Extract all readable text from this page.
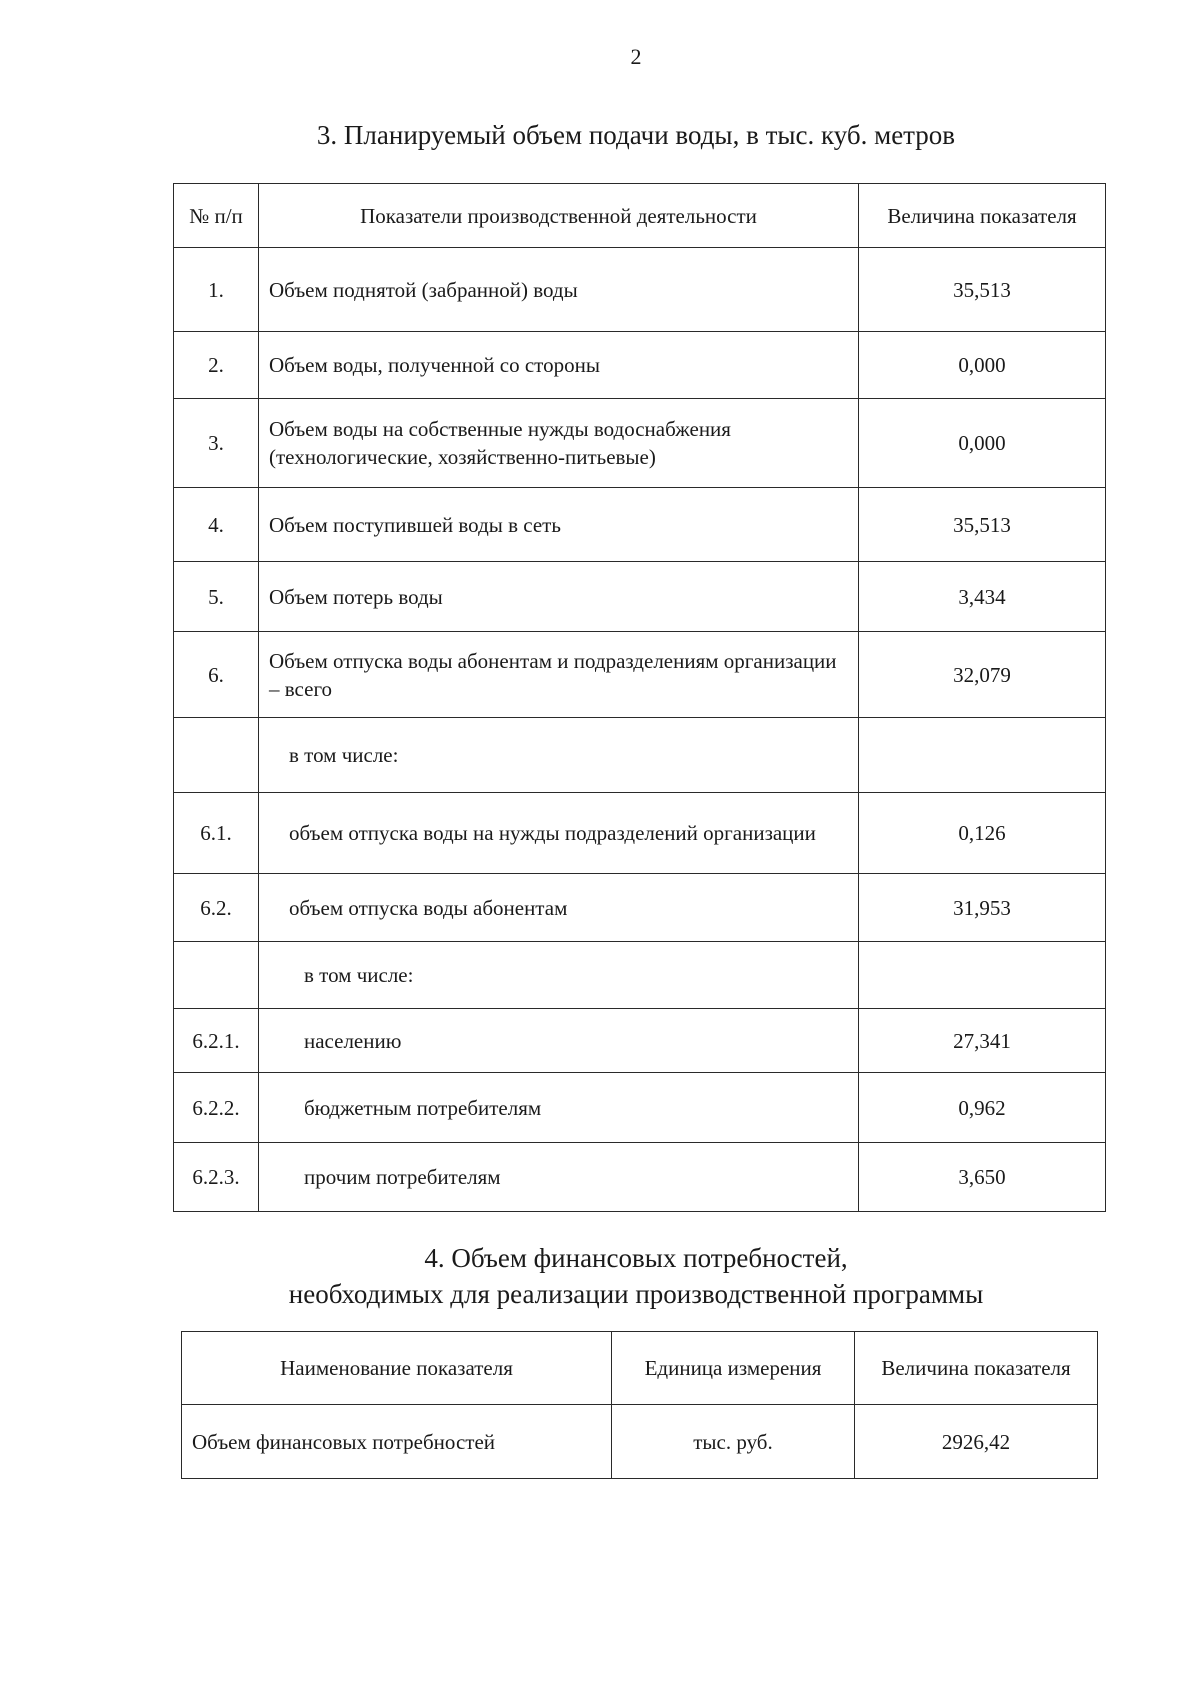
2
3. Планируемый объем подачи воды, в тыс. куб. метров
№ п/п	Показатели производственной деятельности	Величина показателя
1.	Объем поднятой (забранной) воды	35,513
2.	Объем воды, полученной со стороны	0,000
3.	Объем воды на собственные нужды водоснабжения (технологические, хозяйственно-питьевые)	0,000
4.	Объем поступившей воды в сеть	35,513
5.	Объем потерь воды	3,434
6.	Объем отпуска воды абонентам и подразделениям организации – всего	32,079
	в том числе:	
6.1.	объем отпуска воды на нужды подразделений организации	0,126
6.2.	объем отпуска воды абонентам	31,953
	в том числе:	
6.2.1.	населению	27,341
6.2.2.	бюджетным потребителям	0,962
6.2.3.	прочим потребителям	3,650
4. Объем финансовых потребностей,
необходимых для реализации производственной программы
Наименование показателя	Единица измерения	Величина показателя
Объем финансовых потребностей	тыс. руб.	2926,42
